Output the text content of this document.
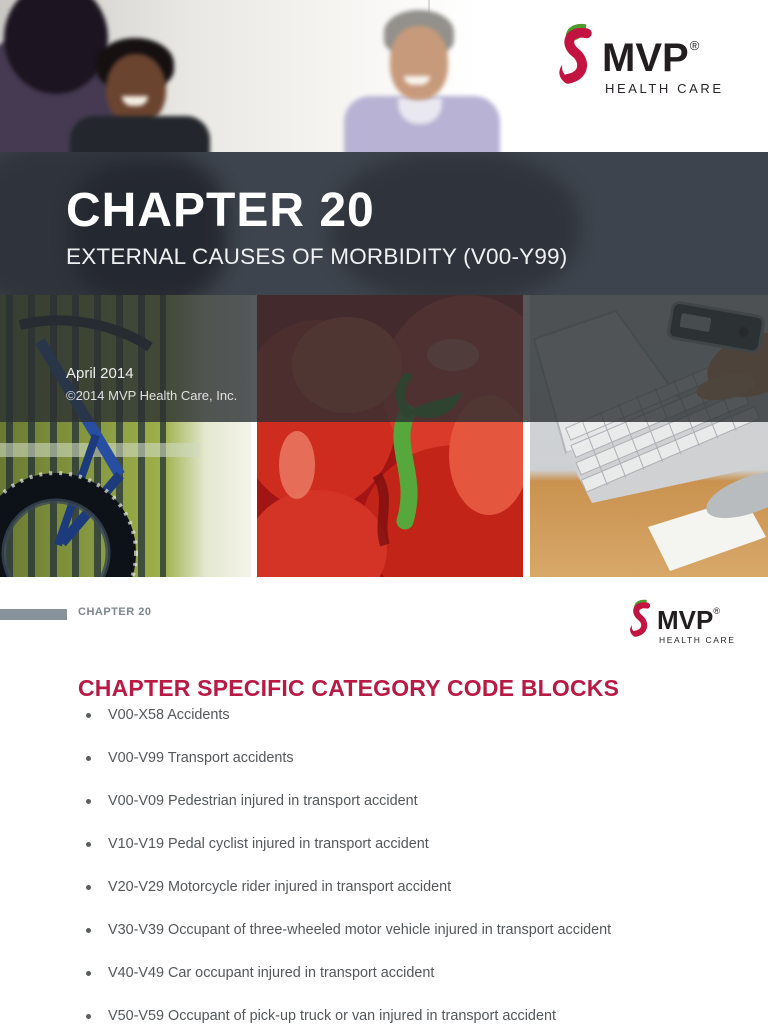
MVP®
HEALTH CARE
CHAPTER 20
EXTERNAL CAUSES OF MORBIDITY (V00-Y99)
April 2014
©2014 MVP Health Care, Inc.
CHAPTER 20	MVP®
HEALTH CARE
CHAPTER SPECIFIC CATEGORY CODE BLOCKS
V00-X58 Accidents
V00-V99 Transport accidents
V00-V09 Pedestrian injured in transport accident
V10-V19 Pedal cyclist injured in transport accident
V20-V29 Motorcycle rider injured in transport accident
V30-V39 Occupant of three-wheeled motor vehicle injured in transport accident
V40-V49 Car occupant injured in transport accident
V50-V59 Occupant of pick-up truck or van injured in transport accident
